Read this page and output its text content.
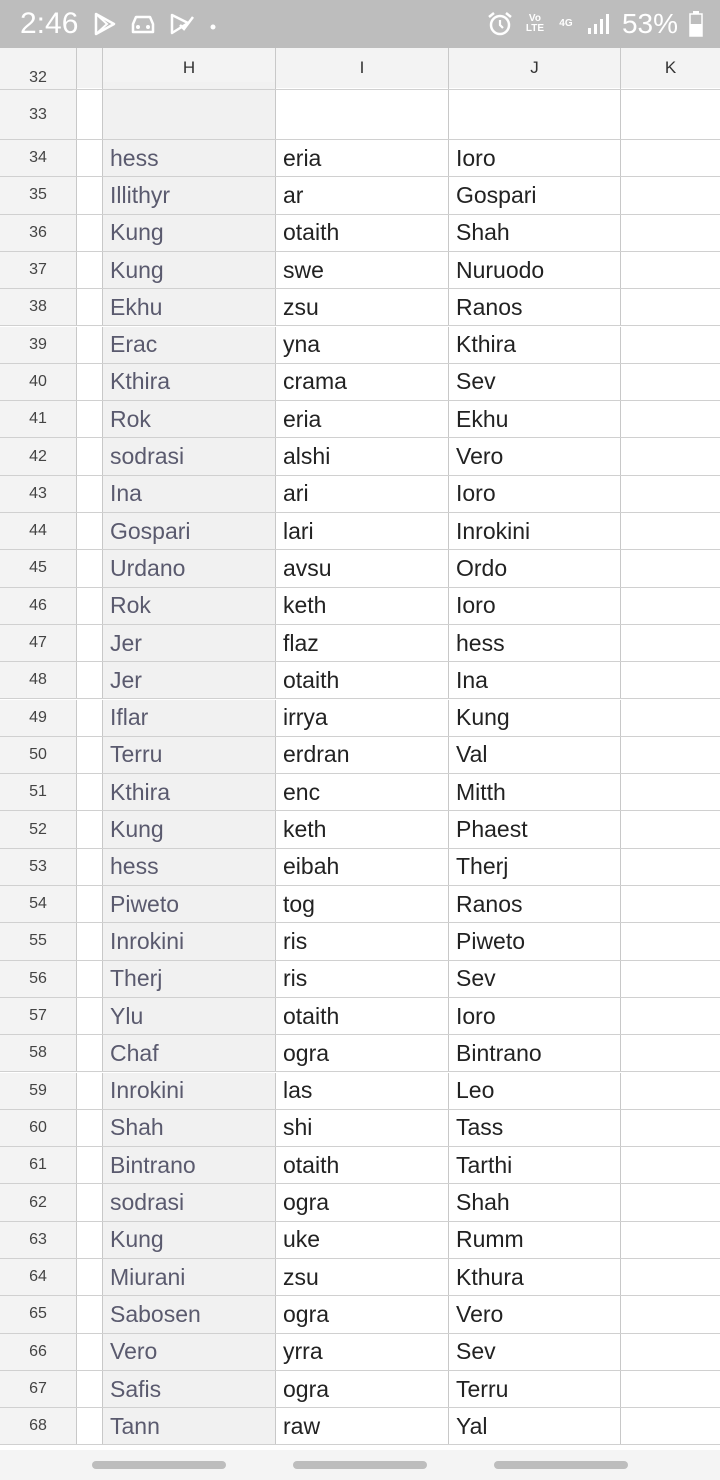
2:46	Vo LTE	4G 53%
H	I	J	K
32
33
34	hess	eria	Ioro
35	Illithyr	ar	Gospari
36	Kung	otaith	Shah
37	Kung	swe	Nuruodo
38	Ekhu	zsu	Ranos
39	Erac	yna	Kthira
40	Kthira	crama	Sev
41	Rok	eria	Ekhu
42	sodrasi	alshi	Vero
43	Ina	ari	Ioro
44	Gospari	lari	Inrokini
45	Urdano	avsu	Ordo
46	Rok	keth	Ioro
47	Jer	flaz	hess
48	Jer	otaith	Ina
49	Iflar	irrya	Kung
50	Terru	erdran	Val
51	Kthira	enc	Mitth
52	Kung	keth	Phaest
53	hess	eibah	Therj
54	Piweto	tog	Ranos
55	Inrokini	ris	Piweto
56	Therj	ris	Sev
57	Ylu	otaith	Ioro
58	Chaf	ogra	Bintrano
59	Inrokini	las	Leo
60	Shah	shi	Tass
61	Bintrano	otaith	Tarthi
62	sodrasi	ogra	Shah
63	Kung	uke	Rumm
64	Miurani	zsu	Kthura
65	Sabosen	ogra	Vero
66	Vero	yrra	Sev
67	Safis	ogra	Terru
68	Tann	raw	Yal
